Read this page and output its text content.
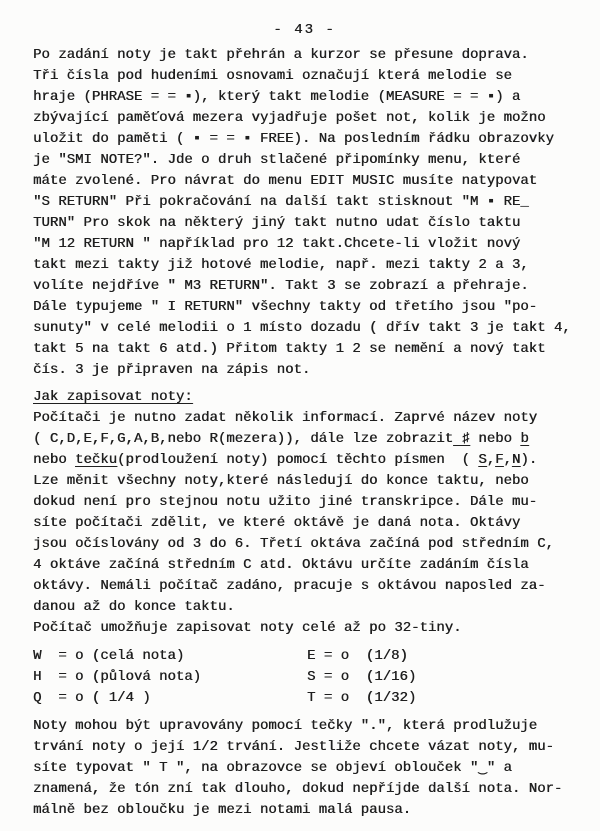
- 43 -
Po zadání noty je takt přehrán a kurzor se přesune doprava.
Tři čísla pod hudeními osnovami označují která melodie se
hraje (PHRASE = = ▪), který takt melodie (MEASURE = = ▪) a
zbývající paměťová mezera vyjadřuje pošet not, kolik je možno
uložit do paměti ( ▪ = = ▪ FREE). Na posledním řádku obrazovky
je "SMI NOTE?". Jde o druh stlačené připomínky menu, které
máte zvolené. Pro návrat do menu EDIT MUSIC musíte natypovat
"S RETURN" Při pokračování na další takt stisknout "M ▪ RE_
TURN" Pro skok na některý jiný takt nutno udat číslo taktu
"M 12 RETURN " například pro 12 takt.Chcete-li vložit nový
takt mezi takty již hotové melodie, např. mezi takty 2 a 3,
volíte nejdříve " M3 RETURN". Takt 3 se zobrazí a přehraje.
Dále typujeme " I RETURN" všechny takty od třetího jsou "po-
sunuty" v celé melodii o 1 místo dozadu ( dřív takt 3 je takt 4,
takt 5 na takt 6 atd.) Přitom takty 1 2 se nemění a nový takt
čís. 3 je připraven na zápis not.
Jak zapisovat noty:
Počítači je nutno zadat několik informací. Zaprvé název noty
( C,D,E,F,G,A,B,nebo R(mezera)), dále lze zobrazit ♯ nebo b
nebo tečku(prodloužení noty) pomocí těchto písmen  ( S,F,N).
Lze měnit všechny noty,které následují do konce taktu, nebo
dokud není pro stejnou notu užito jiné transkripce. Dále mu-
síte počítači zdělit, ve které oktávě je daná nota. Oktávy
jsou očíslovány od 3 do 6. Třetí oktáva začíná pod středním C,
4 oktáve začíná středním C atd. Oktávu určíte zadáním čísla
oktávy. Nemáli počítač zadáno, pracuje s oktávou naposled za-
danou až do konce taktu.
Počítač umožňuje zapisovat noty celé až po 32-tiny.
W  = o (celá nota)	E = o  (1/8)
H  = o (půlová nota)	S = o  (1/16)
Q  = o ( 1/4 )	T = o  (1/32)
Noty mohou být upravovány pomocí tečky ".", která prodlužuje
trvání noty o její 1/2 trvání. Jestliže chcete vázat noty, mu-
síte typovat " T ", na obrazovce se objeví oblouček "‿" a
znamená, že tón zní tak dlouho, dokud nepříjde další nota. Nor-
málně bez obloučku je mezi notami malá pausa.
